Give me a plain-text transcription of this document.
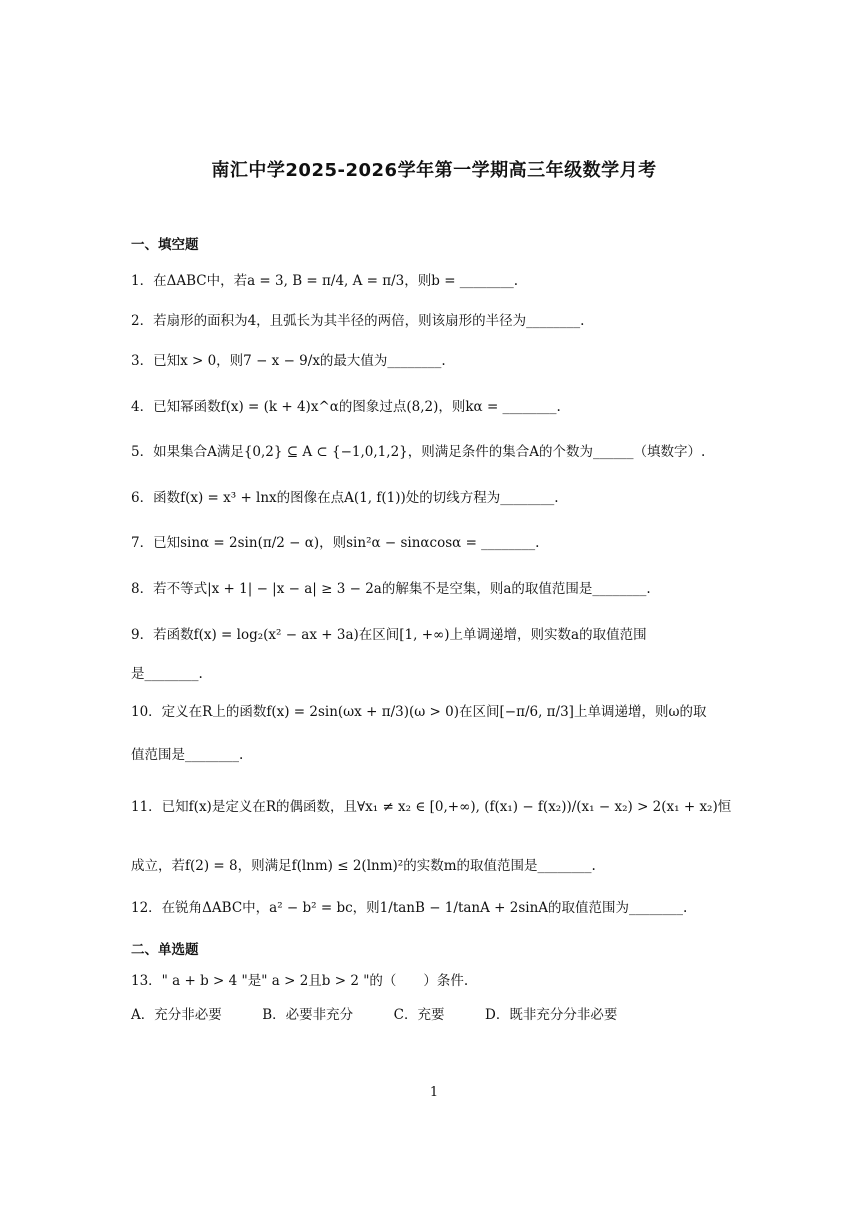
南汇中学2025-2026学年第一学期高三年级数学月考
一、填空题
1．在ΔABC中，若a = 3, B = π/4, A = π/3，则b = ________.
2．若扇形的面积为4，且弧长为其半径的两倍，则该扇形的半径为________.
3．已知x > 0，则7 − x − 9/x的最大值为________.
4．已知幂函数f(x) = (k + 4)x^α的图象过点(8,2)，则kα = ________.
5．如果集合A满足{0,2} ⊆ A ⊂ {−1,0,1,2}，则满足条件的集合A的个数为______（填数字）.
6．函数f(x) = x³ + lnx的图像在点A(1, f(1))处的切线方程为________.
7．已知sinα = 2sin(π/2 − α)，则sin²α − sinαcosα = ________.
8．若不等式|x + 1| − |x − a| ≥ 3 − 2a的解集不是空集，则a的取值范围是________.
9．若函数f(x) = log₂(x² − ax + 3a)在区间[1, +∞)上单调递增，则实数a的取值范围
是________.
10．定义在R上的函数f(x) = 2sin(ωx + π/3)(ω > 0)在区间[−π/6, π/3]上单调递增，则ω的取
值范围是________.
11．已知f(x)是定义在R的偶函数，且∀x₁ ≠ x₂ ∈ [0,+∞), (f(x₁) − f(x₂))/(x₁ − x₂) > 2(x₁ + x₂)恒
成立，若f(2) = 8，则满足f(lnm) ≤ 2(lnm)²的实数m的取值范围是________.
12．在锐角ΔABC中，a² − b² = bc，则1/tanB − 1/tanA + 2sinA的取值范围为________.
二、单选题
13．" a + b > 4 "是" a > 2且b > 2 "的（　　）条件.
A．充分非必要　　　B．必要非充分　　　C．充要　　　D．既非充分分非必要
1
